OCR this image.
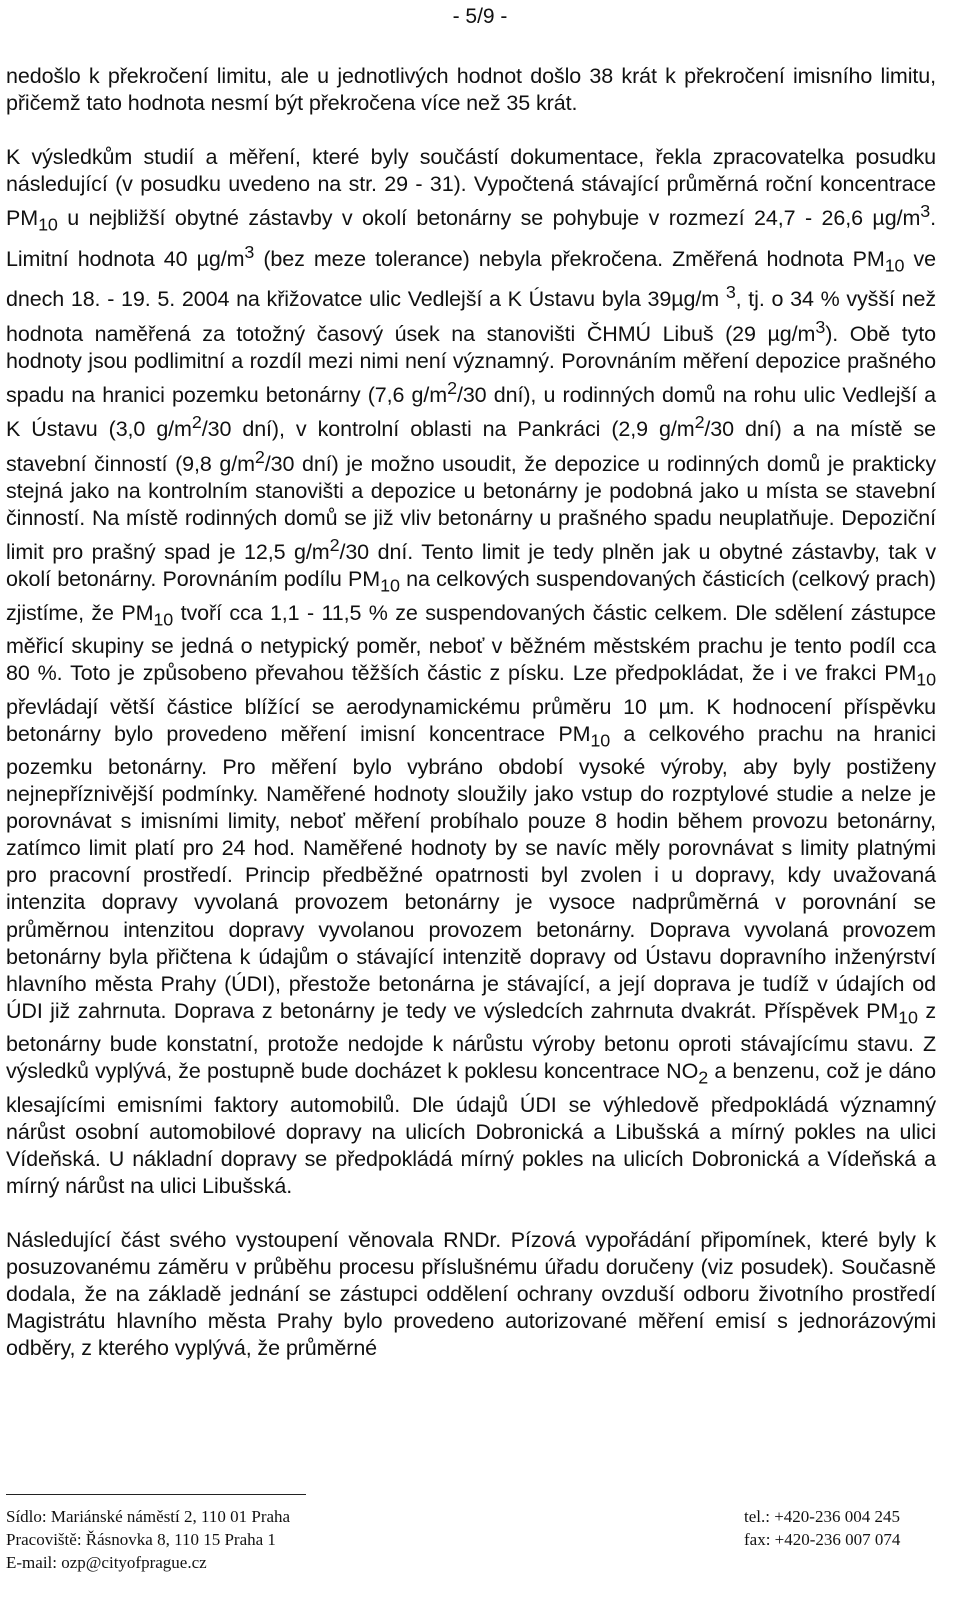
- 5/9 -

nedošlo k překročení limitu, ale u jednotlivých hodnot došlo 38 krát k překročení imisního limitu, přičemž tato hodnota nesmí být překročena více než 35 krát.

K výsledkům studií a měření, které byly součástí dokumentace, řekla zpracovatelka posudku následující (v posudku uvedeno na str. 29 - 31). Vypočtená stávající průměrná roční koncentrace $PM_{10}$ u nejbližší obytné zástavby v okolí betonárny se pohybuje v rozmezí 24,7 - 26,6 $\mu g/m^3$. Limitní hodnota 40 $\mu g/m^3$ (bez meze tolerance) nebyla překročena. Změřená hodnota $PM_{10}$ ve dnech 18. - 19. 5. 2004 na křižovatce ulic Vedlejší a K Ústavu byla 39µg/m $^3$, tj. o 34 % vyšší než hodnota naměřená za totožný časový úsek na stanovišti ČHMÚ Libuš (29 $\mu g/m^3$). Obě tyto hodnoty jsou podlimitní a rozdíl mezi nimi není významný. Porovnáním měření depozice prašného spadu na hranici pozemku betonárny (7,6 $g/m^2/30$ dní), u rodinných domů na rohu ulic Vedlejší a K Ústavu (3,0 $g/m^2/30$ dní), v kontrolní oblasti na Pankráci (2,9 $g/m^2/30$ dní) a na místě se stavební činností (9,8 $g/m^2/30$ dní) je možno usoudit, že depozice u rodinných domů je prakticky stejná jako na kontrolním stanovišti a depozice u betonárny je podobná jako u místa se stavební činností. Na místě rodinných domů se již vliv betonárny u prašného spadu neuplatňuje. Depoziční limit pro prašný spad je 12,5 $g/m^2/30$ dní. Tento limit je tedy plněn jak u obytné zástavby, tak v okolí betonárny. Porovnáním podílu $PM_{10}$ na celkových suspendovaných částicích (celkový prach) zjistíme, že $PM_{10}$ tvoří cca 1,1 - 11,5 % ze suspendovaných částic celkem. Dle sdělení zástupce měřicí skupiny se jedná o netypický poměr, neboť v běžném městském prachu je tento podíl cca 80 %. Toto je způsobeno převahou těžších částic z písku. Lze předpokládat, že i ve frakci $PM_{10}$ převládají větší částice blížící se aerodynamickému průměru 10 µm. K hodnocení příspěvku betonárny bylo provedeno měření imisní koncentrace $PM_{10}$ a celkového prachu na hranici pozemku betonárny. Pro měření bylo vybráno období vysoké výroby, aby byly postiženy nejnepříznivější podmínky. Naměřené hodnoty sloužily jako vstup do rozptylové studie a nelze je porovnávat s imisními limity, neboť měření probíhalo pouze 8 hodin během provozu betonárny, zatímco limit platí pro 24 hod. Naměřené hodnoty by se navíc měly porovnávat s limity platnými pro pracovní prostředí. Princip předběžné opatrnosti byl zvolen i u dopravy, kdy uvažovaná intenzita dopravy vyvolaná provozem betonárny je vysoce nadprůměrná v porovnání se průměrnou intenzitou dopravy vyvolanou provozem betonárny. Doprava vyvolaná provozem betonárny byla přičtena k údajům o stávající intenzitě dopravy od Ústavu dopravního inženýrství hlavního města Prahy (ÚDI), přestože betonárna je stávající, a její doprava je tudíž v údajích od ÚDI již zahrnuta. Doprava z betonárny je tedy ve výsledcích zahrnuta dvakrát. Příspěvek $PM_{10}$ z betonárny bude konstatní, protože nedojde k nárůstu výroby betonu oproti stávajícímu stavu. Z výsledků vyplývá, že postupně bude docházet k poklesu koncentrace $NO_2$ a benzenu, což je dáno klesajícími emisními faktory automobilů. Dle údajů ÚDI se výhledově předpokládá významný nárůst osobní automobilové dopravy na ulicích Dobronická a Libušská a mírný pokles na ulici Vídeňská. U nákladní dopravy se předpokládá mírný pokles na ulicích Dobronická a Vídeňská a mírný nárůst na ulici Libušská.

Následující část svého vystoupení věnovala RNDr. Pízová vypořádání připomínek, které byly k posuzovanému záměru v průběhu procesu příslušnému úřadu doručeny (viz posudek). Současně dodala, že na základě jednání se zástupci oddělení ochrany ovzduší odboru životního prostředí Magistrátu hlavního města Prahy bylo provedeno autorizované měření emisí s jednorázovými odběry, z kterého vyplývá, že průměrné

Sídlo: Mariánské náměstí 2, 110 01 Praha
Pracoviště: Řásnovka 8, 110 15 Praha 1
E-mail: ozp@cityofprague.cz
tel.: +420-236 004 245
fax: +420-236 007 074
